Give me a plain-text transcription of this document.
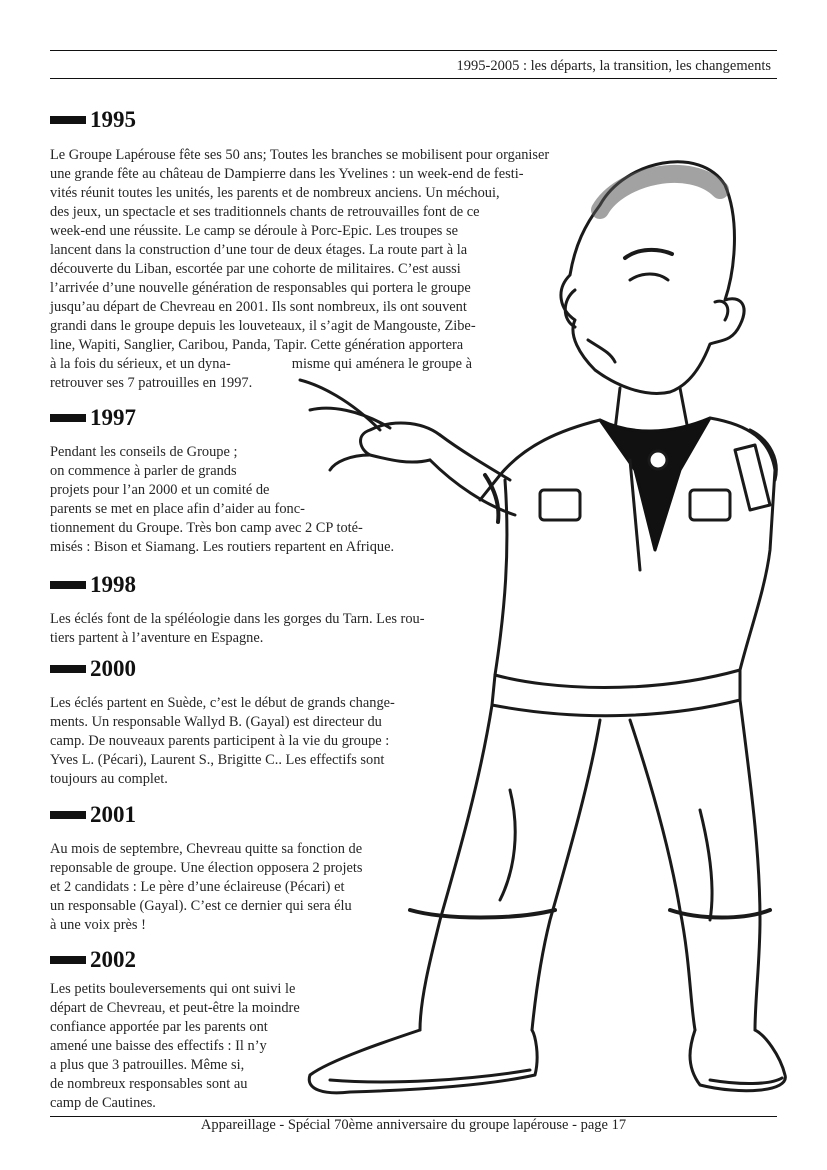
1995-2005 : les départs, la transition, les changements
1995
Le Groupe Lapérouse fête ses 50 ans; Toutes les branches se mobilisent pour organiser
une grande fête au château de Dampierre dans les Yvelines : un week-end de festi-
vités réunit toutes les unités, les parents et de nombreux anciens. Un méchoui,
des jeux, un spectacle et ses traditionnels chants de retrouvailles font de ce
week-end une réussite. Le camp se déroule à Porc-Epic. Les troupes se
lancent dans la construction d’une tour de deux étages. La route part à la
découverte du Liban, escortée par une cohorte de militaires. C’est aussi
l’arrivée d’une nouvelle génération de responsables qui portera le groupe
jusqu’au départ de Chevreau en 2001. Ils sont nombreux, ils ont souvent
grandi dans le groupe depuis les louveteaux, il s’agit de Mangouste, Zibe-
line, Wapiti, Sanglier, Caribou, Panda, Tapir. Cette génération apportera
à la fois du sérieux, et un dyna-                 misme qui aménera le groupe à
retrouver ses 7 patrouilles en 1997.
1997
Pendant les conseils de Groupe ;
on commence à parler de grands
projets pour l’an 2000 et un comité de
parents se met en place afin d’aider au fonc-
tionnement du Groupe. Très bon camp avec 2 CP toté-
misés : Bison et Siamang. Les routiers repartent en Afrique.
1998
Les éclés font de la spéléologie dans les gorges du Tarn. Les rou-
tiers partent à l’aventure en Espagne.
2000
Les éclés partent en Suède, c’est le début de grands change-
ments. Un responsable Wallyd B. (Gayal) est directeur du
camp. De nouveaux parents participent à la vie du groupe :
Yves L. (Pécari), Laurent S., Brigitte C.. Les effectifs sont
toujours au complet.
2001
Au mois de septembre, Chevreau quitte sa fonction de
reponsable de groupe. Une élection opposera 2 projets
et 2 candidats : Le père d’une éclaireuse (Pécari) et
un responsable (Gayal). C’est ce dernier qui sera élu
à une voix près !
2002
Les petits bouleversements qui ont suivi le
départ de Chevreau, et peut-être la moindre
confiance apportée par les parents ont
amené une baisse des effectifs : Il n’y
a plus que 3 patrouilles. Même si,
de nombreux responsables sont au
camp de Cautines.
Appareillage - Spécial 70ème anniversaire du groupe lapérouse - page 17
